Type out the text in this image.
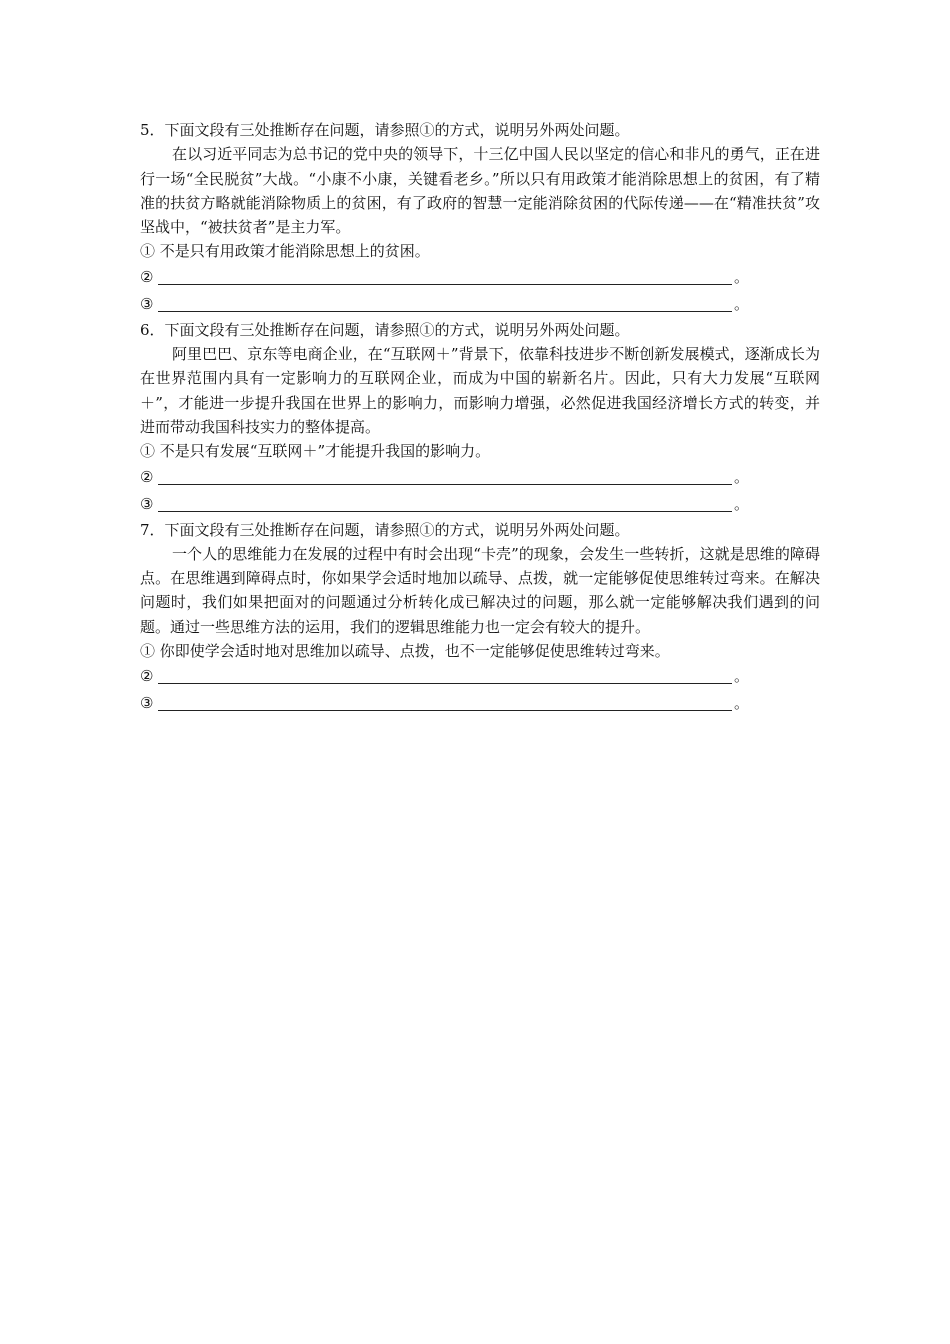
5．下面文段有三处推断存在问题，请参照①的方式，说明另外两处问题。

在以习近平同志为总书记的党中央的领导下，十三亿中国人民以坚定的信心和非凡的勇气，正在进行一场“全民脱贫”大战。“小康不小康，关键看老乡。”所以只有用政策才能消除思想上的贫困，有了精准的扶贫方略就能消除物质上的贫困，有了政府的智慧一定能消除贫困的代际传递——在“精准扶贫”攻坚战中，“被扶贫者”是主力军。

① 不是只有用政策才能消除思想上的贫困。

②	。
③	。

6．下面文段有三处推断存在问题，请参照①的方式，说明另外两处问题。

阿里巴巴、京东等电商企业，在“互联网＋”背景下，依靠科技进步不断创新发展模式，逐渐成长为在世界范围内具有一定影响力的互联网企业，而成为中国的崭新名片。因此，只有大力发展“互联网＋”，才能进一步提升我国在世界上的影响力，而影响力增强，必然促进我国经济增长方式的转变，并进而带动我国科技实力的整体提高。

① 不是只有发展“互联网＋”才能提升我国的影响力。

②	。
③	。

7．下面文段有三处推断存在问题，请参照①的方式，说明另外两处问题。

一个人的思维能力在发展的过程中有时会出现“卡壳”的现象，会发生一些转折，这就是思维的障碍点。在思维遇到障碍点时，你如果学会适时地加以疏导、点拨，就一定能够促使思维转过弯来。在解决问题时，我们如果把面对的问题通过分析转化成已解决过的问题，那么就一定能够解决我们遇到的问题。通过一些思维方法的运用，我们的逻辑思维能力也一定会有较大的提升。

① 你即使学会适时地对思维加以疏导、点拨，也不一定能够促使思维转过弯来。

②	。
③	。
